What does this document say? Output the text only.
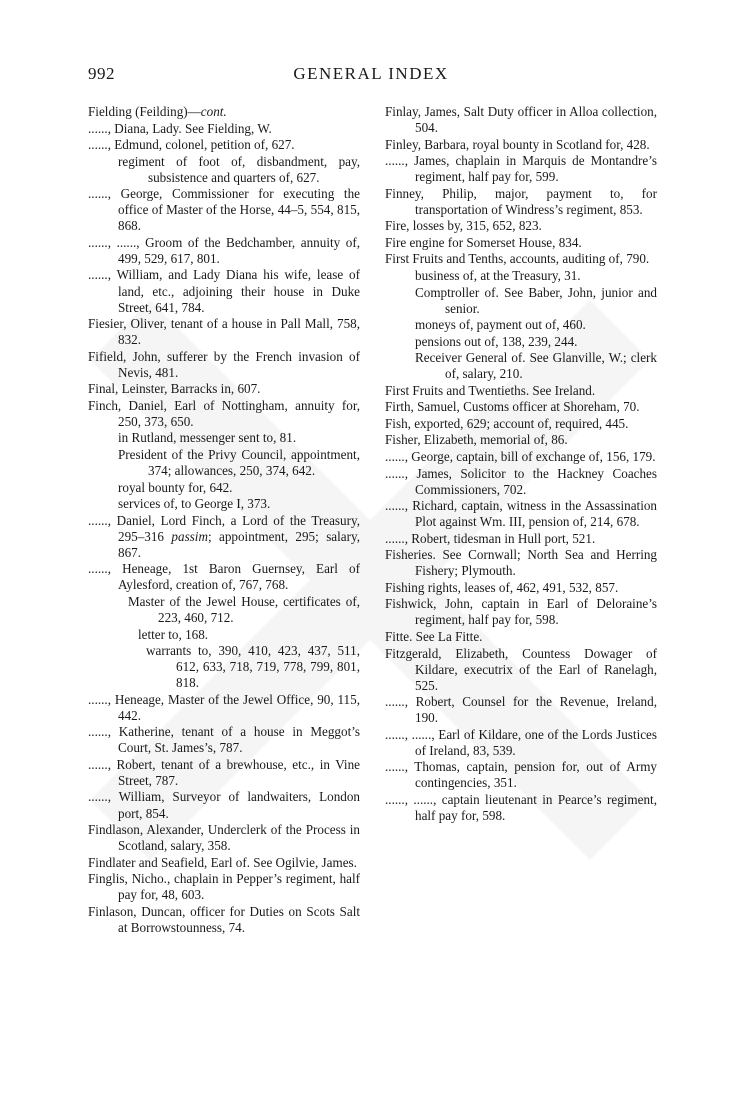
992	GENERAL INDEX
Fielding (Feilding)—cont.
......, Diana, Lady. See Fielding, W.
......, Edmund, colonel, petition of, 627.
regiment of foot of, disbandment, pay, subsistence and quarters of, 627.
......, George, Commissioner for executing the office of Master of the Horse, 44–5, 554, 815, 868.
......, ......, Groom of the Bedchamber, annuity of, 499, 529, 617, 801.
......, William, and Lady Diana his wife, lease of land, etc., adjoining their house in Duke Street, 641, 784.
Fiesier, Oliver, tenant of a house in Pall Mall, 758, 832.
Fifield, John, sufferer by the French invasion of Nevis, 481.
Final, Leinster, Barracks in, 607.
Finch, Daniel, Earl of Nottingham, annuity for, 250, 373, 650.
in Rutland, messenger sent to, 81.
President of the Privy Council, appointment, 374; allowances, 250, 374, 642.
royal bounty for, 642.
services of, to George I, 373.
......, Daniel, Lord Finch, a Lord of the Treasury, 295–316 passim; appointment, 295; salary, 867.
......, Heneage, 1st Baron Guernsey, Earl of Aylesford, creation of, 767, 768.
Master of the Jewel House, certificates of, 223, 460, 712.
letter to, 168.
warrants to, 390, 410, 423, 437, 511, 612, 633, 718, 719, 778, 799, 801, 818.
......, Heneage, Master of the Jewel Office, 90, 115, 442.
......, Katherine, tenant of a house in Meggot’s Court, St. James’s, 787.
......, Robert, tenant of a brewhouse, etc., in Vine Street, 787.
......, William, Surveyor of landwaiters, London port, 854.
Findlason, Alexander, Underclerk of the Process in Scotland, salary, 358.
Findlater and Seafield, Earl of. See Ogilvie, James.
Finglis, Nicho., chaplain in Pepper’s regiment, half pay for, 48, 603.
Finlason, Duncan, officer for Duties on Scots Salt at Borrowstounness, 74.
Finlay, James, Salt Duty officer in Alloa collection, 504.
Finley, Barbara, royal bounty in Scotland for, 428.
......, James, chaplain in Marquis de Montandre’s regiment, half pay for, 599.
Finney, Philip, major, payment to, for transportation of Windress’s regiment, 853.
Fire, losses by, 315, 652, 823.
Fire engine for Somerset House, 834.
First Fruits and Tenths, accounts, auditing of, 790.
business of, at the Treasury, 31.
Comptroller of. See Baber, John, junior and senior.
moneys of, payment out of, 460.
pensions out of, 138, 239, 244.
Receiver General of. See Glanville, W.; clerk of, salary, 210.
First Fruits and Twentieths. See Ireland.
Firth, Samuel, Customs officer at Shoreham, 70.
Fish, exported, 629; account of, required, 445.
Fisher, Elizabeth, memorial of, 86.
......, George, captain, bill of exchange of, 156, 179.
......, James, Solicitor to the Hackney Coaches Commissioners, 702.
......, Richard, captain, witness in the Assassination Plot against Wm. III, pension of, 214, 678.
......, Robert, tidesman in Hull port, 521.
Fisheries. See Cornwall; North Sea and Herring Fishery; Plymouth.
Fishing rights, leases of, 462, 491, 532, 857.
Fishwick, John, captain in Earl of Deloraine’s regiment, half pay for, 598.
Fitte. See La Fitte.
Fitzgerald, Elizabeth, Countess Dowager of Kildare, executrix of the Earl of Ranelagh, 525.
......, Robert, Counsel for the Revenue, Ireland, 190.
......, ......, Earl of Kildare, one of the Lords Justices of Ireland, 83, 539.
......, Thomas, captain, pension for, out of Army contingencies, 351.
......, ......, captain lieutenant in Pearce’s regiment, half pay for, 598.
